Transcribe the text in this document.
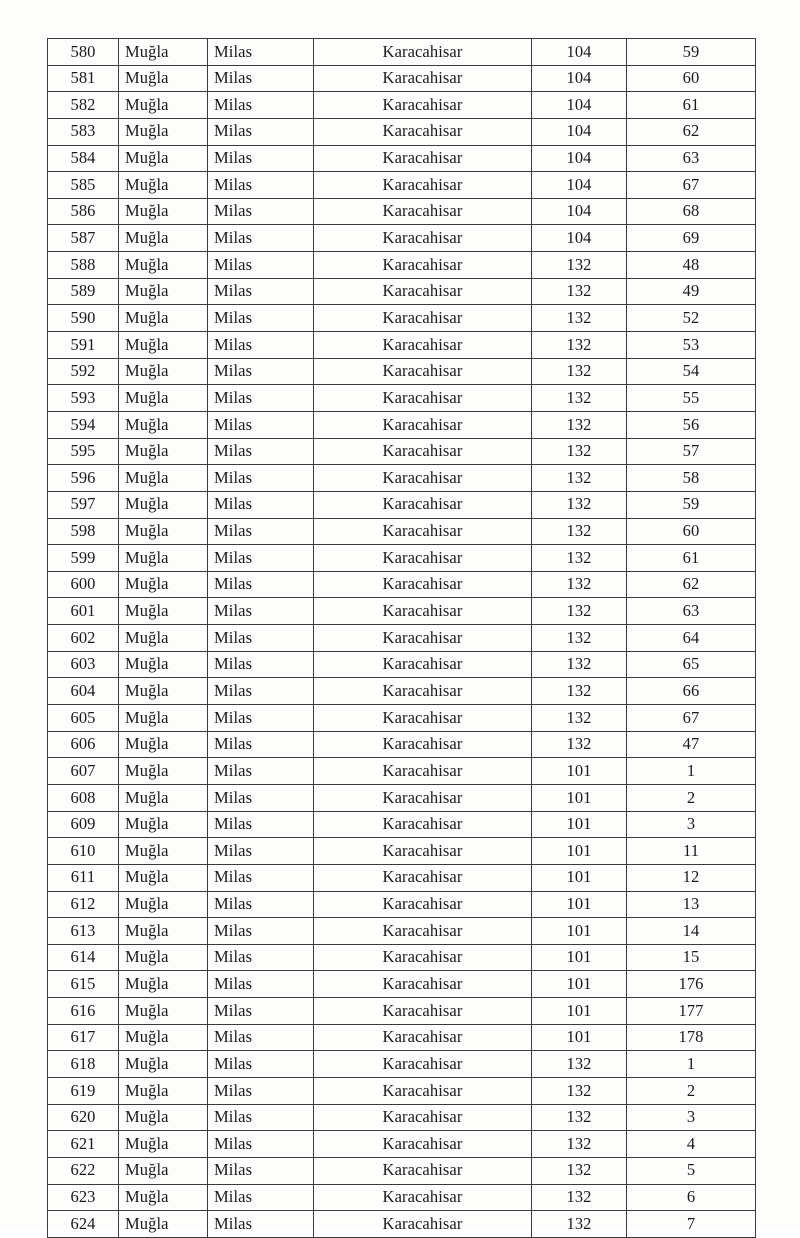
580	Muğla	Milas	Karacahisar	104	59
581	Muğla	Milas	Karacahisar	104	60
582	Muğla	Milas	Karacahisar	104	61
583	Muğla	Milas	Karacahisar	104	62
584	Muğla	Milas	Karacahisar	104	63
585	Muğla	Milas	Karacahisar	104	67
586	Muğla	Milas	Karacahisar	104	68
587	Muğla	Milas	Karacahisar	104	69
588	Muğla	Milas	Karacahisar	132	48
589	Muğla	Milas	Karacahisar	132	49
590	Muğla	Milas	Karacahisar	132	52
591	Muğla	Milas	Karacahisar	132	53
592	Muğla	Milas	Karacahisar	132	54
593	Muğla	Milas	Karacahisar	132	55
594	Muğla	Milas	Karacahisar	132	56
595	Muğla	Milas	Karacahisar	132	57
596	Muğla	Milas	Karacahisar	132	58
597	Muğla	Milas	Karacahisar	132	59
598	Muğla	Milas	Karacahisar	132	60
599	Muğla	Milas	Karacahisar	132	61
600	Muğla	Milas	Karacahisar	132	62
601	Muğla	Milas	Karacahisar	132	63
602	Muğla	Milas	Karacahisar	132	64
603	Muğla	Milas	Karacahisar	132	65
604	Muğla	Milas	Karacahisar	132	66
605	Muğla	Milas	Karacahisar	132	67
606	Muğla	Milas	Karacahisar	132	47
607	Muğla	Milas	Karacahisar	101	1
608	Muğla	Milas	Karacahisar	101	2
609	Muğla	Milas	Karacahisar	101	3
610	Muğla	Milas	Karacahisar	101	11
611	Muğla	Milas	Karacahisar	101	12
612	Muğla	Milas	Karacahisar	101	13
613	Muğla	Milas	Karacahisar	101	14
614	Muğla	Milas	Karacahisar	101	15
615	Muğla	Milas	Karacahisar	101	176
616	Muğla	Milas	Karacahisar	101	177
617	Muğla	Milas	Karacahisar	101	178
618	Muğla	Milas	Karacahisar	132	1
619	Muğla	Milas	Karacahisar	132	2
620	Muğla	Milas	Karacahisar	132	3
621	Muğla	Milas	Karacahisar	132	4
622	Muğla	Milas	Karacahisar	132	5
623	Muğla	Milas	Karacahisar	132	6
624	Muğla	Milas	Karacahisar	132	7
